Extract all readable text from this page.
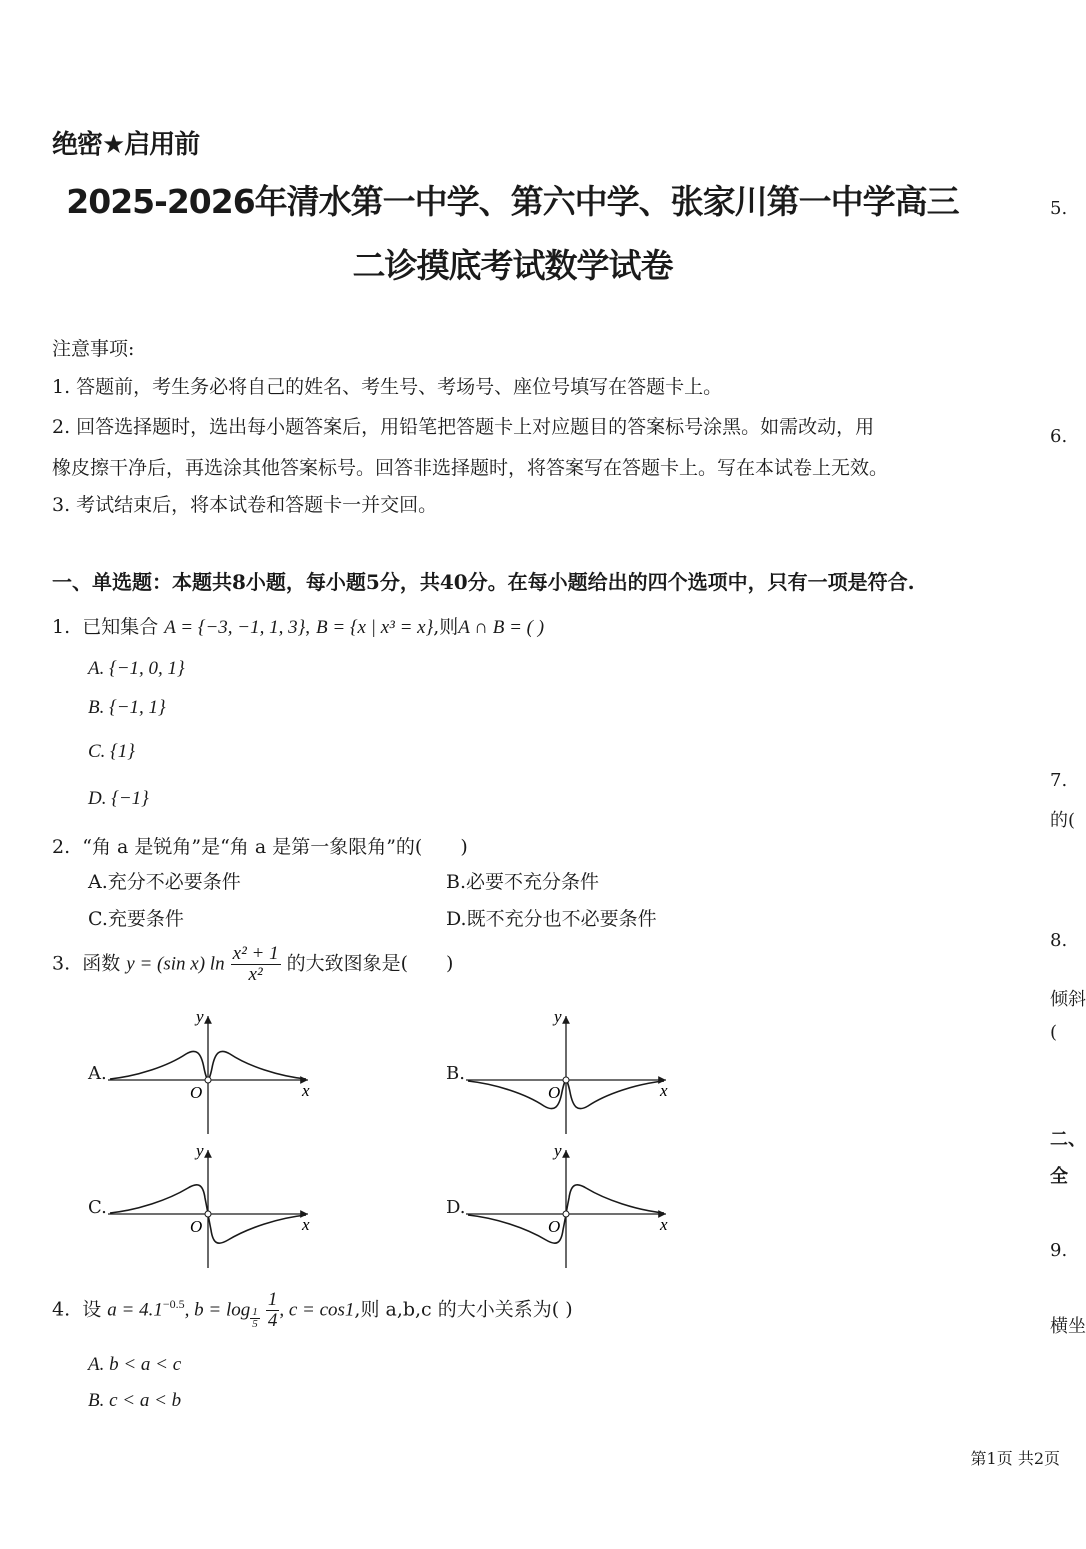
绝密★启用前
2025-2026年清水第一中学、第六中学、张家川第一中学高三
二诊摸底考试数学试卷
注意事项:
1. 答题前，考生务必将自己的姓名、考生号、考场号、座位号填写在答题卡上。
2. 回答选择题时，选出每小题答案后，用铅笔把答题卡上对应题目的答案标号涂黑。如需改动，用
橡皮擦干净后，再选涂其他答案标号。回答非选择题时，将答案写在答题卡上。写在本试卷上无效。
3. 考试结束后，将本试卷和答题卡一并交回。
一、单选题：本题共8小题，每小题5分，共40分。在每小题给出的四个选项中，只有一项是符合.
1. 已知集合 A = {−3, −1, 1, 3}, B = {x | x³ = x},则A ∩ B = ( )
A. {−1, 0, 1}
B. {−1, 1}
C. {1}
D. {−1}
2. “角 a 是锐角”是“角 a 是第一象限角”的(　　)
A.充分不必要条件	B.必要不充分条件
C.充要条件	D.既不充分也不必要条件
3. 函数 y = (sin x) $\ln \frac{\text{x² + 1}}{\text{x²}}$ 的大致图象是(　　)
A.	B.
C.	D.
y
x
O
y
x
O
y
x
O
y
x
O
4. 设 $a = 4.1^{-0.5}$, $b = \log \frac{1}{5}$
$\frac{1}{4}$ , c = cos1,则 a,b,c 的大小关系为( )
A. b < a < c
B. c < a < b
5.
6.
7.
的(
8.
倾斜
(
二、
全
9.
横坐
第1页 共2页
